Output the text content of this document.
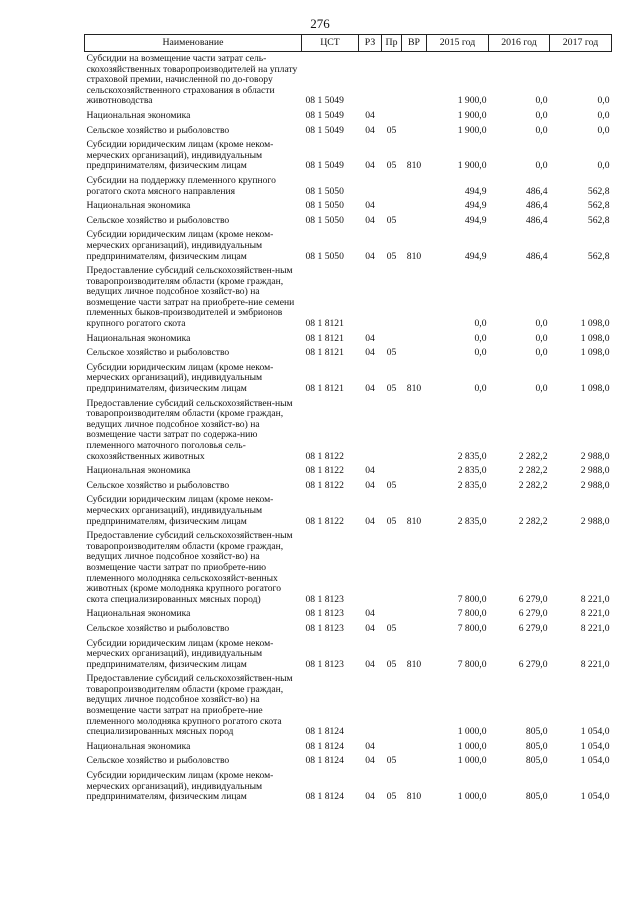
276
Наименование	ЦСТ	РЗ	Пр	ВР	2015 год	2016 год	2017 год
Субсидии на возмещение части затрат сель-скохозяйственных товаропроизводителей на уплату страховой премии, начисленной по до-говору сельскохозяйственного страхования в области животноводства	08 1 5049				1 900,0	0,0	0,0
Национальная экономика	08 1 5049	04			1 900,0	0,0	0,0
Сельское хозяйство и рыболовство	08 1 5049	04	05		1 900,0	0,0	0,0
Субсидии юридическим лицам (кроме неком-мерческих организаций), индивидуальным предпринимателям, физическим лицам	08 1 5049	04	05	810	1 900,0	0,0	0,0
Субсидии на поддержку племенного крупного рогатого скота мясного направления	08 1 5050				494,9	486,4	562,8
Национальная экономика	08 1 5050	04			494,9	486,4	562,8
Сельское хозяйство и рыболовство	08 1 5050	04	05		494,9	486,4	562,8
Субсидии юридическим лицам (кроме неком-мерческих организаций), индивидуальным предпринимателям, физическим лицам	08 1 5050	04	05	810	494,9	486,4	562,8
Предоставление субсидий сельскохозяйствен-ным товаропроизводителям области (кроме граждан, ведущих личное подсобное хозяйст-во) на возмещение части затрат на приобрете-ние семени племенных быков-производителей и эмбрионов крупного рогатого скота	08 1 8121				0,0	0,0	1 098,0
Национальная экономика	08 1 8121	04			0,0	0,0	1 098,0
Сельское хозяйство и рыболовство	08 1 8121	04	05		0,0	0,0	1 098,0
Субсидии юридическим лицам (кроме неком-мерческих организаций), индивидуальным предпринимателям, физическим лицам	08 1 8121	04	05	810	0,0	0,0	1 098,0
Предоставление субсидий сельскохозяйствен-ным товаропроизводителям области (кроме граждан, ведущих личное подсобное хозяйст-во) на возмещение части затрат по содержа-нию племенного маточного поголовья сель-скохозяйственных животных	08 1 8122				2 835,0	2 282,2	2 988,0
Национальная экономика	08 1 8122	04			2 835,0	2 282,2	2 988,0
Сельское хозяйство и рыболовство	08 1 8122	04	05		2 835,0	2 282,2	2 988,0
Субсидии юридическим лицам (кроме неком-мерческих организаций), индивидуальным предпринимателям, физическим лицам	08 1 8122	04	05	810	2 835,0	2 282,2	2 988,0
Предоставление субсидий сельскохозяйствен-ным товаропроизводителям области (кроме граждан, ведущих личное подсобное хозяйст-во) на возмещение части затрат по приобрете-нию племенного молодняка сельскохозяйст-венных животных (кроме молодняка крупного рогатого скота специализированных мясных пород)	08 1 8123				7 800,0	6 279,0	8 221,0
Национальная экономика	08 1 8123	04			7 800,0	6 279,0	8 221,0
Сельское хозяйство и рыболовство	08 1 8123	04	05		7 800,0	6 279,0	8 221,0
Субсидии юридическим лицам (кроме неком-мерческих организаций), индивидуальным предпринимателям, физическим лицам	08 1 8123	04	05	810	7 800,0	6 279,0	8 221,0
Предоставление субсидий сельскохозяйствен-ным товаропроизводителям области (кроме граждан, ведущих личное подсобное хозяйст-во) на возмещение части затрат на приобрете-ние племенного молодняка крупного рогатого скота специализированных мясных пород	08 1 8124				1 000,0	805,0	1 054,0
Национальная экономика	08 1 8124	04			1 000,0	805,0	1 054,0
Сельское хозяйство и рыболовство	08 1 8124	04	05		1 000,0	805,0	1 054,0
Субсидии юридическим лицам (кроме неком-мерческих организаций), индивидуальным предпринимателям, физическим лицам	08 1 8124	04	05	810	1 000,0	805,0	1 054,0
